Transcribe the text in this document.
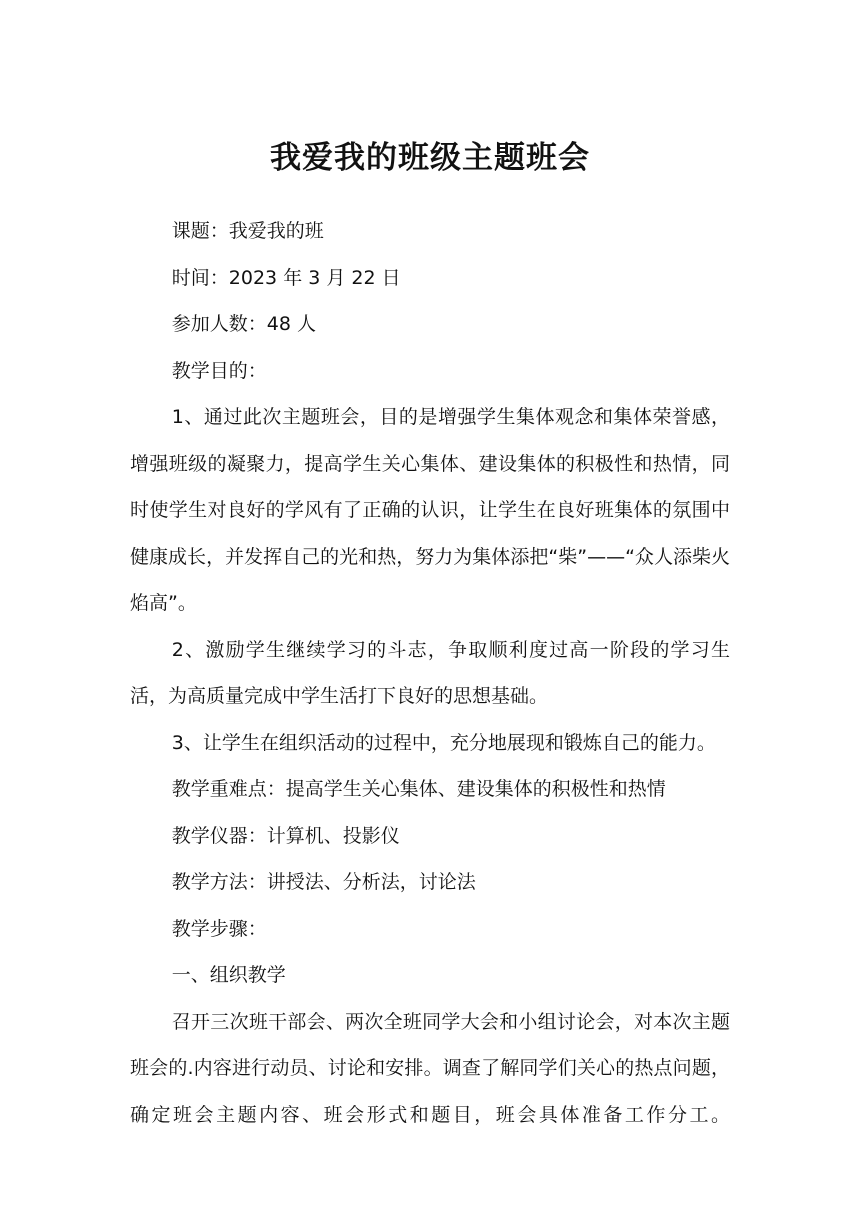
我爱我的班级主题班会

课题：我爱我的班

时间：2023 年 3 月 22 日

参加人数：48 人

教学目的：

1、通过此次主题班会，目的是增强学生集体观念和集体荣誉感，增强班级的凝聚力，提高学生关心集体、建设集体的积极性和热情，同时使学生对良好的学风有了正确的认识，让学生在良好班集体的氛围中健康成长，并发挥自己的光和热，努力为集体添把“柴”——“众人添柴火焰高”。

2、激励学生继续学习的斗志，争取顺利度过高一阶段的学习生活，为高质量完成中学生活打下良好的思想基础。

3、让学生在组织活动的过程中，充分地展现和锻炼自己的能力。

教学重难点：提高学生关心集体、建设集体的积极性和热情

教学仪器：计算机、投影仪

教学方法：讲授法、分析法，讨论法

教学步骤：

一、组织教学

召开三次班干部会、两次全班同学大会和小组讨论会，对本次主题班会的.内容进行动员、讨论和安排。调查了解同学们关心的热点问题，确定班会主题内容、班会形式和题目，班会具体准备工作分工。
